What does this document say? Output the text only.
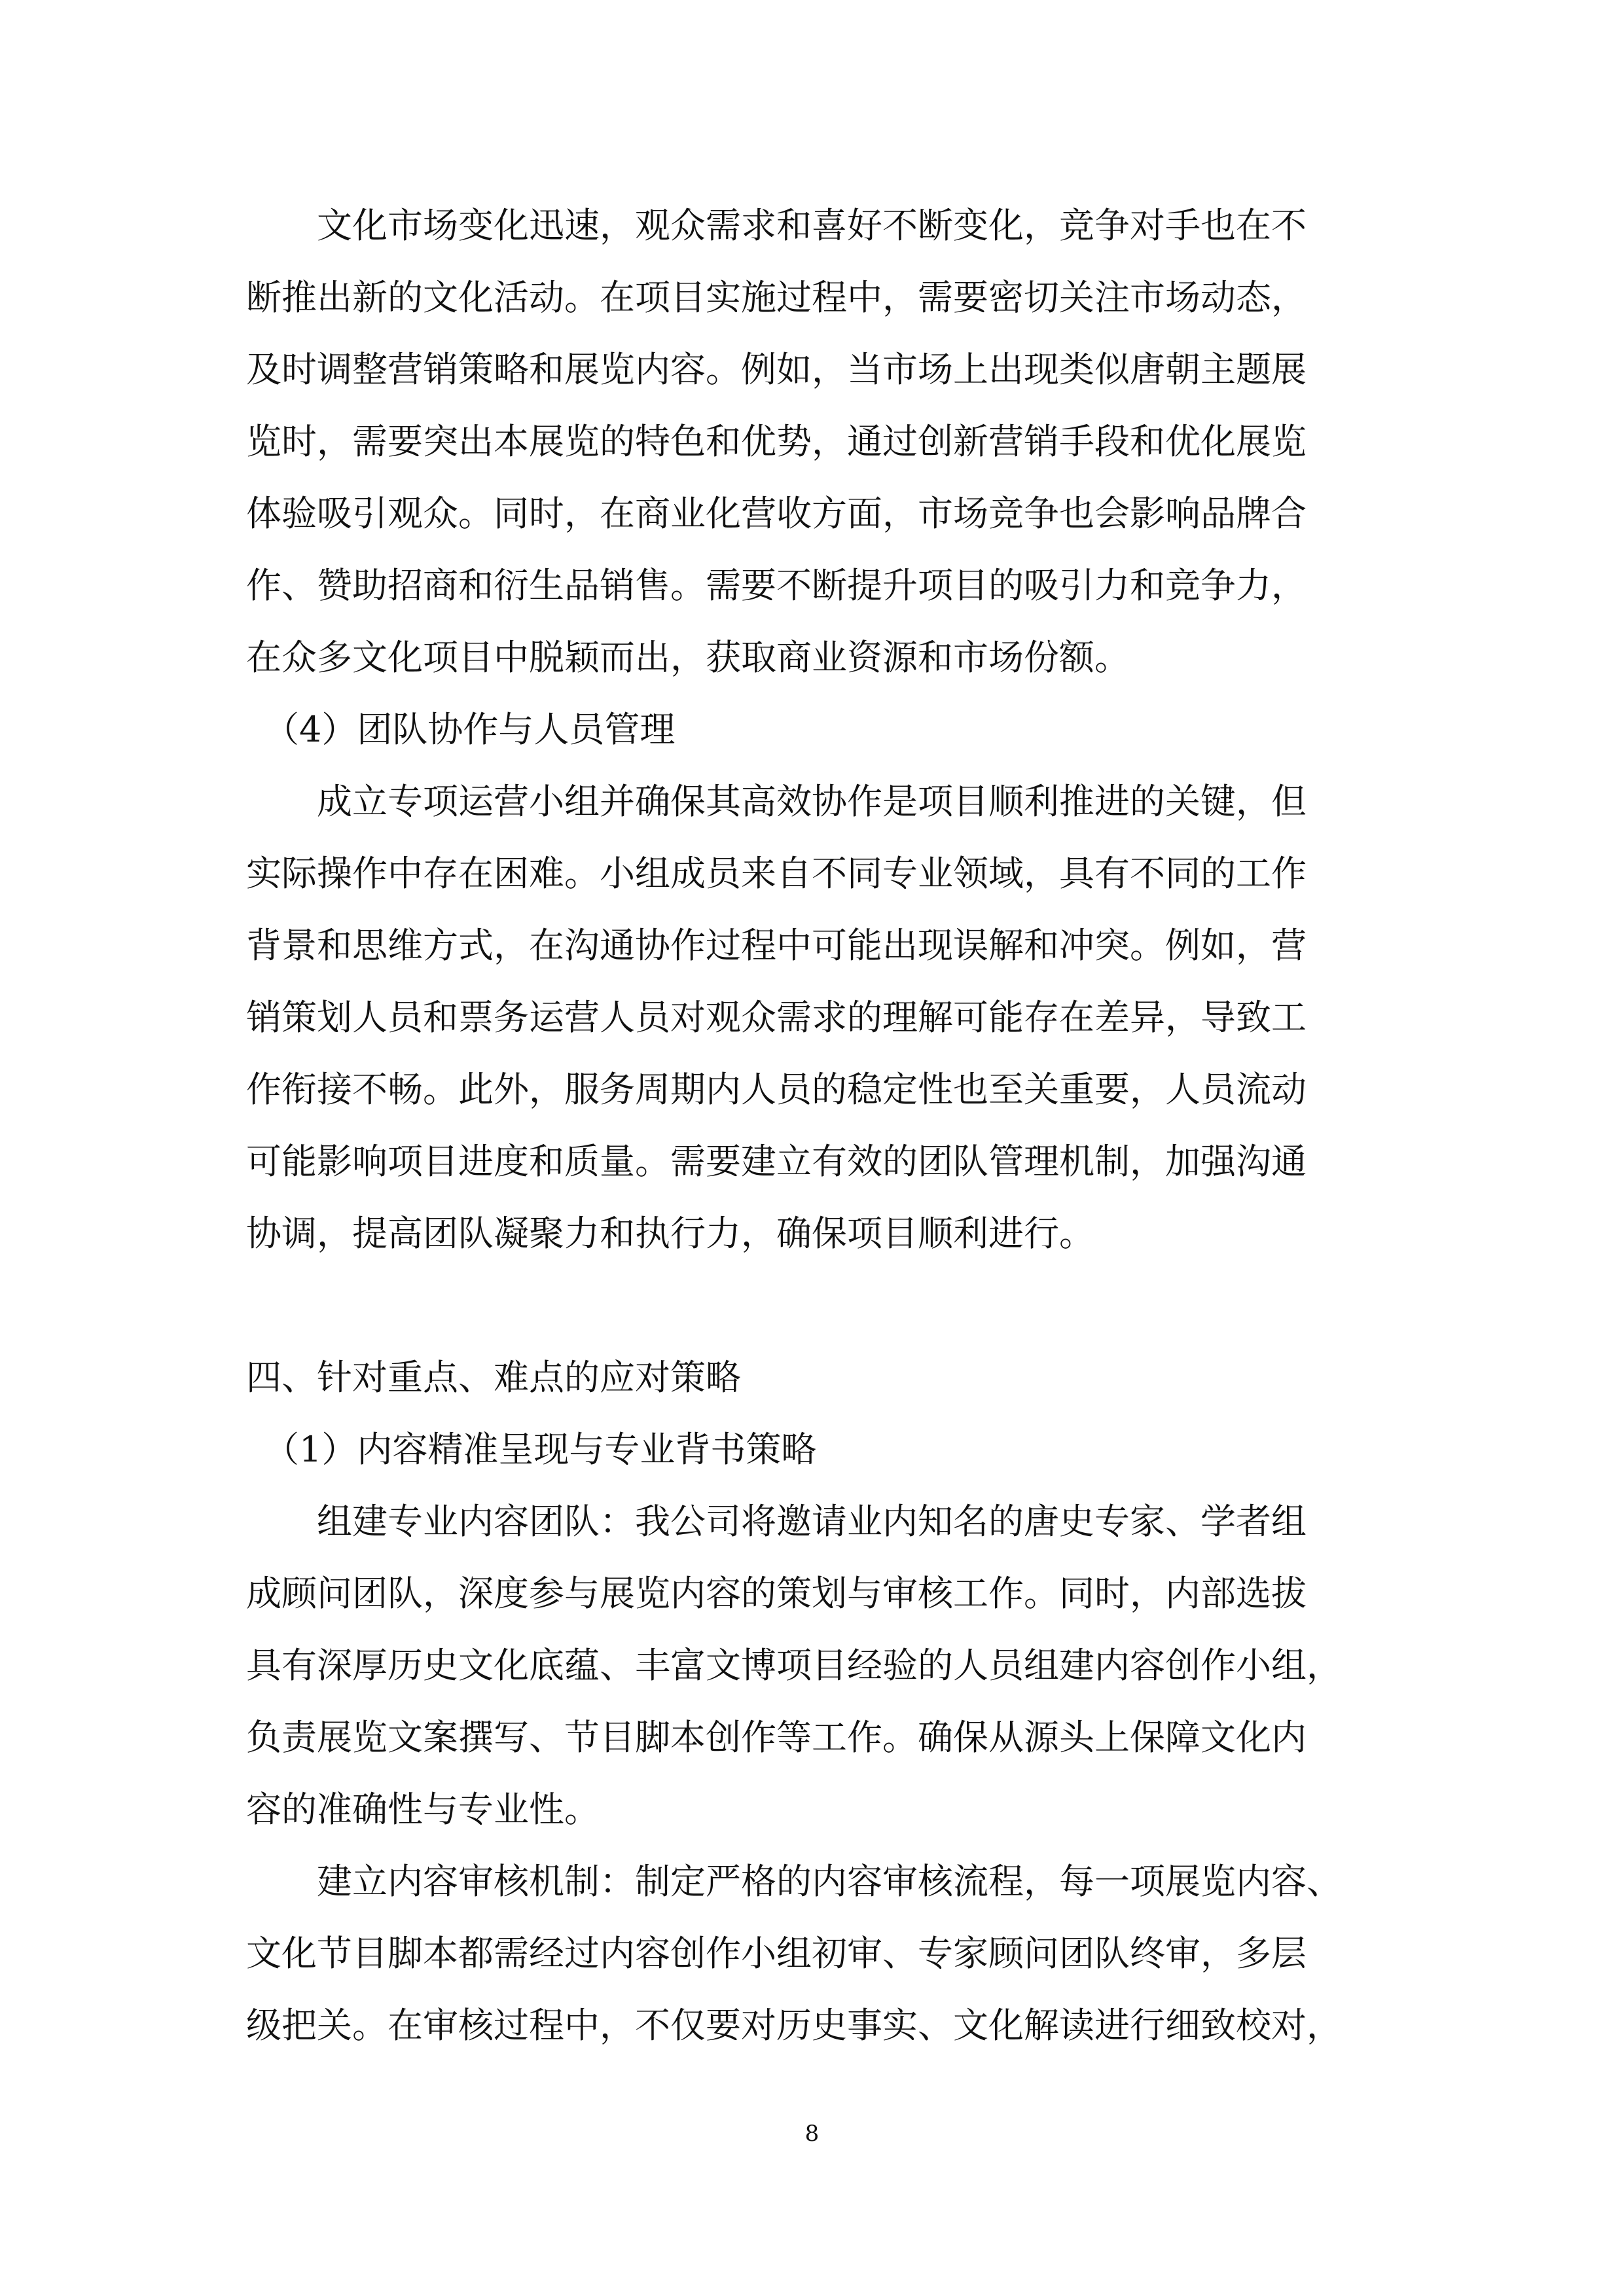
　　文化市场变化迅速，观众需求和喜好不断变化，竞争对手也在不
断推出新的文化活动。在项目实施过程中，需要密切关注市场动态，
及时调整营销策略和展览内容。例如，当市场上出现类似唐朝主题展
览时，需要突出本展览的特色和优势，通过创新营销手段和优化展览
体验吸引观众。同时，在商业化营收方面，市场竞争也会影响品牌合
作、赞助招商和衍生品销售。需要不断提升项目的吸引力和竞争力，
在众多文化项目中脱颖而出，获取商业资源和市场份额。
　（4）团队协作与人员管理
　　成立专项运营小组并确保其高效协作是项目顺利推进的关键，但
实际操作中存在困难。小组成员来自不同专业领域，具有不同的工作
背景和思维方式，在沟通协作过程中可能出现误解和冲突。例如，营
销策划人员和票务运营人员对观众需求的理解可能存在差异，导致工
作衔接不畅。此外，服务周期内人员的稳定性也至关重要，人员流动
可能影响项目进度和质量。需要建立有效的团队管理机制，加强沟通
协调，提高团队凝聚力和执行力，确保项目顺利进行。
四、针对重点、难点的应对策略
　（1）内容精准呈现与专业背书策略
　　组建专业内容团队：我公司将邀请业内知名的唐史专家、学者组
成顾问团队，深度参与展览内容的策划与审核工作。同时，内部选拔
具有深厚历史文化底蕴、丰富文博项目经验的人员组建内容创作小组，
负责展览文案撰写、节目脚本创作等工作。确保从源头上保障文化内
容的准确性与专业性。
　　建立内容审核机制：制定严格的内容审核流程，每一项展览内容、
文化节目脚本都需经过内容创作小组初审、专家顾问团队终审，多层
级把关。在审核过程中，不仅要对历史事实、文化解读进行细致校对，
8
